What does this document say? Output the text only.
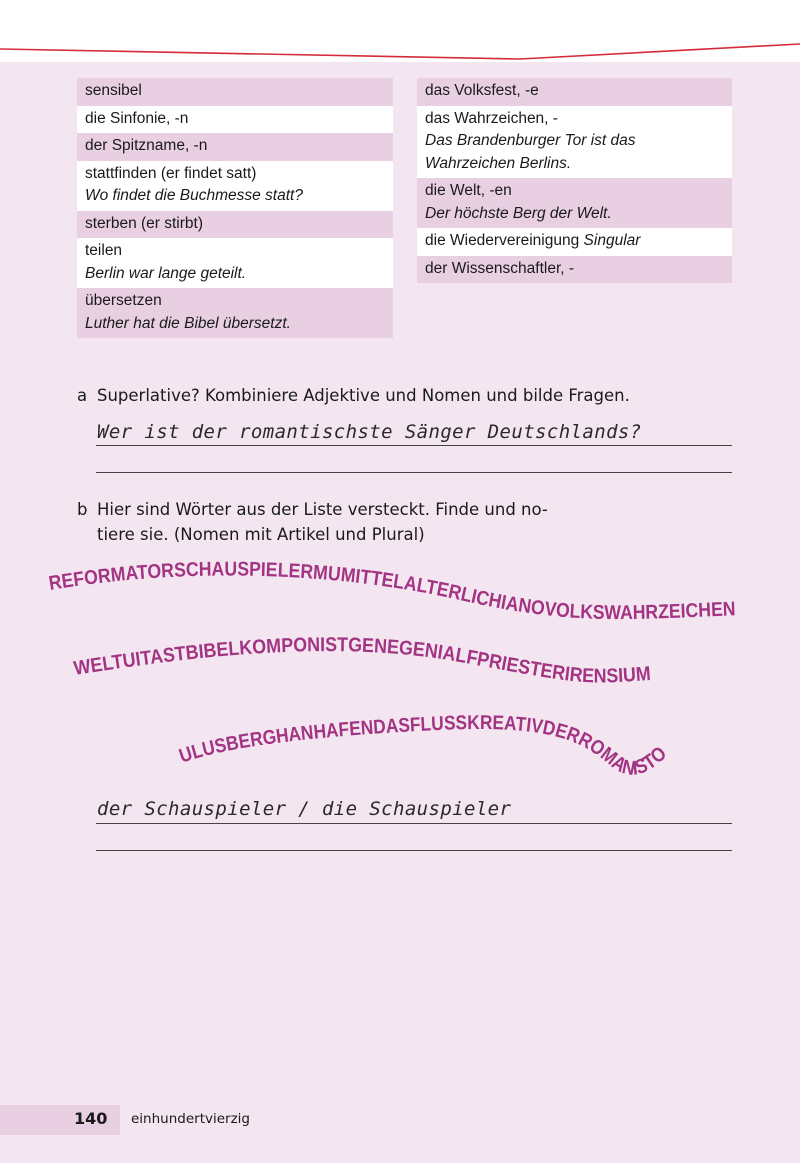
sensibel
die Sinfonie, -n
der Spitzname, -n
stattfinden (er findet satt)
Wo findet die Buchmesse statt?
sterben (er stirbt)
teilen
Berlin war lange geteilt.
übersetzen
Luther hat die Bibel übersetzt.
das Volksfest, -e
das Wahrzeichen, -
Das Brandenburger Tor ist das Wahrzeichen Berlins.
die Welt, -en
Der höchste Berg der Welt.
die Wiedervereinigung Singular
der Wissenschaftler, -
a Superlative? Kombiniere Adjektive und Nomen und bilde Fragen.
Wer ist der romantischste Sänger Deutschlands?
b Hier sind Wörter aus der Liste versteckt. Finde und no-tiere sie. (Nomen mit Artikel und Plural)
REFORMATORSCHAUSPIELERMUMITTELALTERLICHIANOVOLKSWAHRZEICHEN
WELTUITASTBIBELKOMPONISTGENEGENIALFPRIESTERIRENSIUM
ULUSBERGHANHAFENDASFLUSSKREATIVDERROMANISTO
der Schauspieler / die Schauspieler
140 einhundertvierzig
